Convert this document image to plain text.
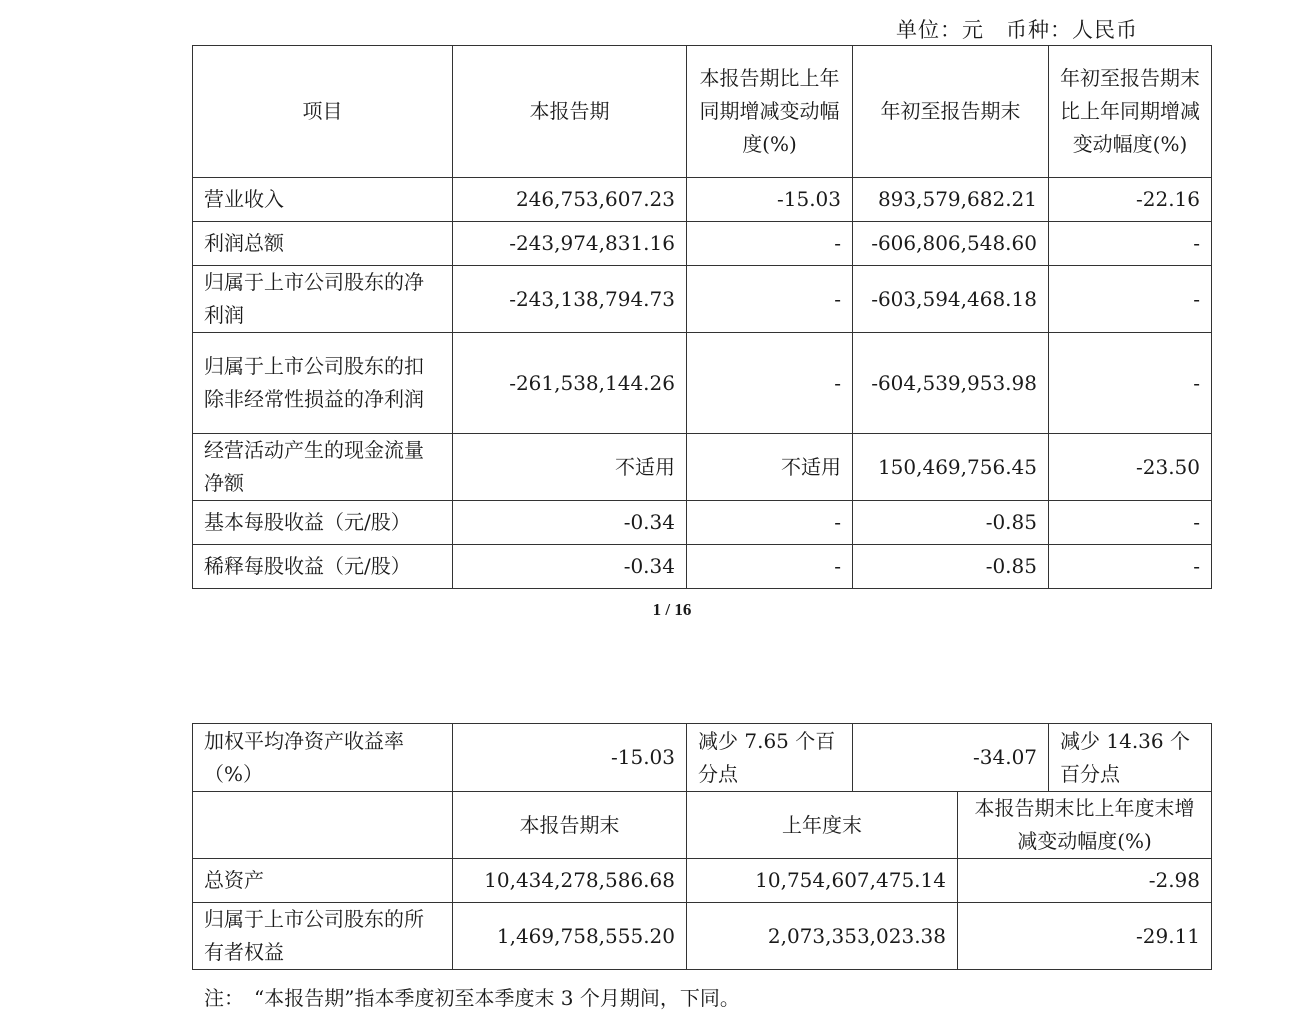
单位：元　币种：人民币
项目	本报告期	本报告期比上年同期增减变动幅度(%)	年初至报告期末	年初至报告期末比上年同期增减变动幅度(%)
营业收入	246,753,607.23	-15.03	893,579,682.21	-22.16
利润总额	-243,974,831.16	-	-606,806,548.60	-
归属于上市公司股东的净利润	-243,138,794.73	-	-603,594,468.18	-
归属于上市公司股东的扣除非经常性损益的净利润	-261,538,144.26	-	-604,539,953.98	-
经营活动产生的现金流量净额	不适用	不适用	150,469,756.45	-23.50
基本每股收益（元/股）	-0.34	-	-0.85	-
稀释每股收益（元/股）	-0.34	-	-0.85	-
1 / 16
加权平均净资产收益率（%）	-15.03	减少 7.65 个百分点	-34.07		减少 14.36 个百分点
	本报告期末	上年度末		本报告期末比上年度末增减变动幅度(%)	
总资产	10,434,278,586.68	10,754,607,475.14		-2.98	
归属于上市公司股东的所有者权益	1,469,758,555.20	2,073,353,023.38		-29.11	
注：　“本报告期”指本季度初至本季度末 3 个月期间，下同。
